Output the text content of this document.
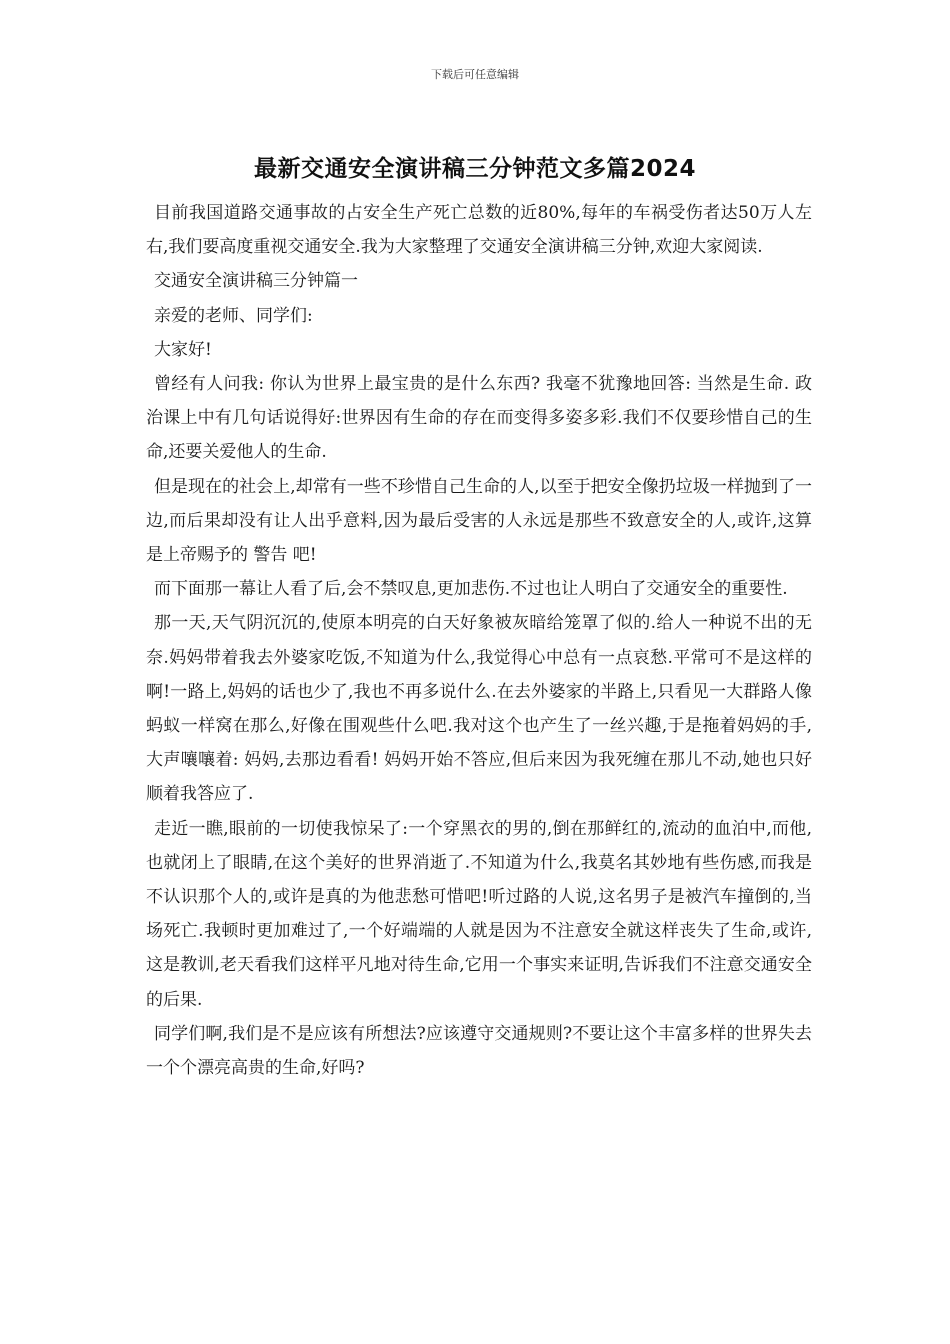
下载后可任意编辑
最新交通安全演讲稿三分钟范文多篇2024

目前我国道路交通事故的占安全生产死亡总数的近80%,每年的车祸受伤者达50万人左右,我们要高度重视交通安全.我为大家整理了交通安全演讲稿三分钟,欢迎大家阅读.

交通安全演讲稿三分钟篇一

亲爱的老师、同学们:

大家好!

曾经有人问我: 你认为世界上最宝贵的是什么东西? 我毫不犹豫地回答: 当然是生命. 政治课上中有几句话说得好:世界因有生命的存在而变得多姿多彩.我们不仅要珍惜自己的生命,还要关爱他人的生命.

但是现在的社会上,却常有一些不珍惜自己生命的人,以至于把安全像扔垃圾一样抛到了一边,而后果却没有让人出乎意料,因为最后受害的人永远是那些不致意安全的人,或许,这算是上帝赐予的 警告 吧!

而下面那一幕让人看了后,会不禁叹息,更加悲伤.不过也让人明白了交通安全的重要性.

那一天,天气阴沉沉的,使原本明亮的白天好象被灰暗给笼罩了似的.给人一种说不出的无奈.妈妈带着我去外婆家吃饭,不知道为什么,我觉得心中总有一点哀愁.平常可不是这样的啊!一路上,妈妈的话也少了,我也不再多说什么.在去外婆家的半路上,只看见一大群路人像蚂蚁一样窝在那么,好像在围观些什么吧.我对这个也产生了一丝兴趣,于是拖着妈妈的手,大声嚷嚷着: 妈妈,去那边看看! 妈妈开始不答应,但后来因为我死缠在那儿不动,她也只好顺着我答应了.

走近一瞧,眼前的一切使我惊呆了:一个穿黑衣的男的,倒在那鲜红的,流动的血泊中,而他,也就闭上了眼睛,在这个美好的世界消逝了.不知道为什么,我莫名其妙地有些伤感,而我是不认识那个人的,或许是真的为他悲愁可惜吧!听过路的人说,这名男子是被汽车撞倒的,当场死亡.我顿时更加难过了,一个好端端的人就是因为不注意安全就这样丧失了生命,或许,这是教训,老天看我们这样平凡地对待生命,它用一个事实来证明,告诉我们不注意交通安全的后果.

同学们啊,我们是不是应该有所想法?应该遵守交通规则?不要让这个丰富多样的世界失去一个个漂亮高贵的生命,好吗?
